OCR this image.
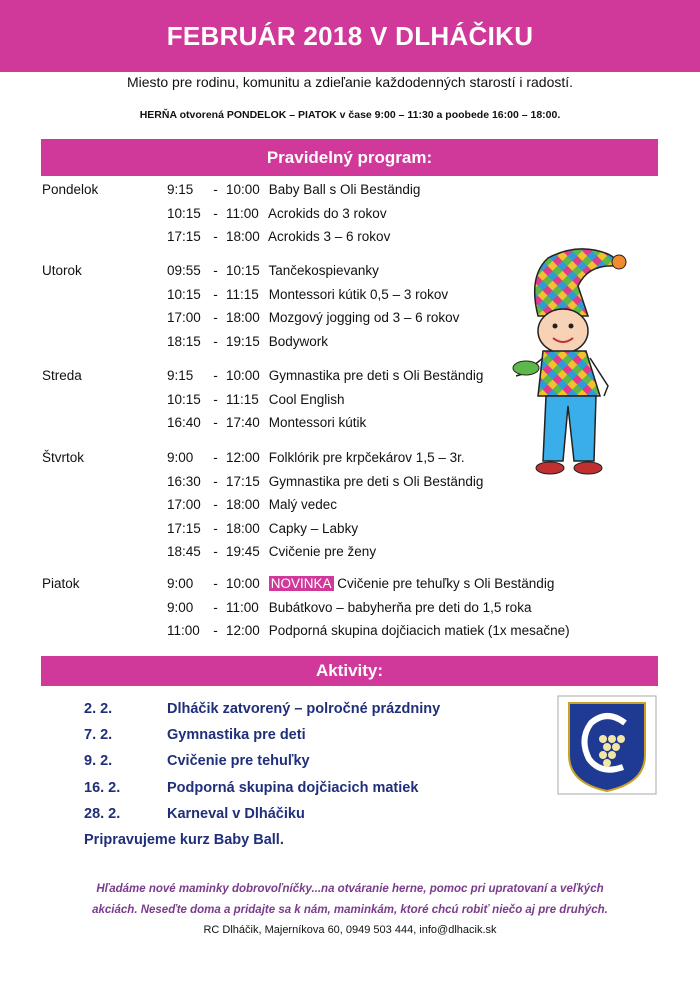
FEBRUÁR 2018 V DLHÁČIKU
Miesto pre rodinu, komunitu a zdieľanie každodenných starostí i radostí.
HERŇA otvorená PONDELOK – PIATOK v čase 9:00 – 11:30 a poobede 16:00 – 18:00.
Pravidelný program:
Pondelok	9:15 - 10:00 Baby Ball s Oli Beständig
10:15 - 11:00 Acrokids do 3 rokov
17:15 - 18:00 Acrokids 3 – 6 rokov
Utorok	09:55 - 10:15 Tančekospievanky
10:15 - 11:15 Montessori kútik 0,5 – 3 rokov
17:00 - 18:00 Mozgový jogging od 3 – 6 rokov
18:15 - 19:15 Bodywork
Streda	9:15 - 10:00 Gymnastika pre deti s Oli Beständig
10:15 - 11:15 Cool English
16:40 - 17:40 Montessori kútik
Štvrtok	9:00 - 12:00 Folklórik pre krpčekárov 1,5 – 3r.
16:30 - 17:15 Gymnastika pre deti s Oli Beständig
17:00 - 18:00 Malý vedec
17:15 - 18:00 Capky – Labky
18:45 - 19:45 Cvičenie pre ženy
Piatok	9:00 - 10:00 NOVINKA Cvičenie pre tehuľky s Oli Beständig
9:00 - 11:00 Bubátkovo – babyherňa pre deti do 1,5 roka
11:00 - 12:00 Podporná skupina dojčiacich matiek (1x mesačne)
Aktivity:
2. 2.	Dlháčik zatvorený – polročné prázdniny
7. 2.	Gymnastika pre deti
9. 2.	Cvičenie pre tehuľky
16. 2.	Podporná skupina dojčiacich matiek
28. 2.	Karneval v Dlháčiku
Pripravujeme kurz Baby Ball.
Hľadáme nové maminky dobrovoľníčky...na otváranie herne, pomoc pri upratovaní a veľkých
akciách. Neseďte doma a pridajte sa k nám, maminkám, ktoré chcú robiť niečo aj pre druhých.
RC Dlháčik, Majerníkova 60, 0949 503 444, info@dlhacik.sk
